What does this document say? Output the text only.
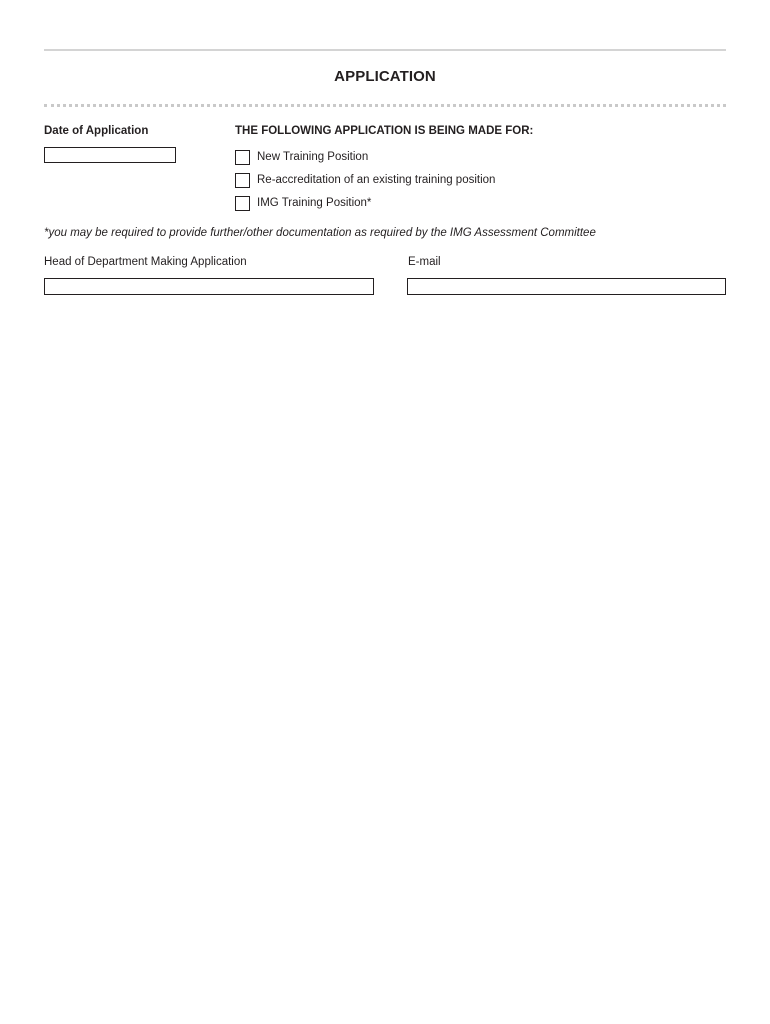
APPLICATION
Date of Application	THE FOLLOWING APPLICATION IS BEING MADE FOR:
New Training Position
Re-accreditation of an existing training position
IMG Training Position*
*you may be required to provide further/other documentation as required by the IMG Assessment Committee
Head of Department Making Application	E-mail
